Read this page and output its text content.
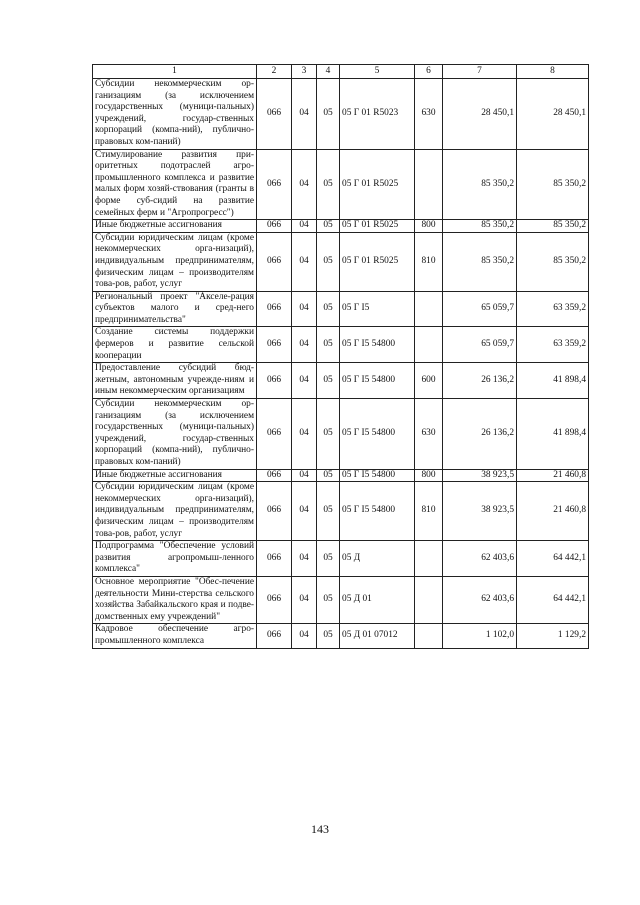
1	2	3	4	5	6	7	8
Субсидии некоммерческим ор-ганизациям (за исключением государственных (муници-пальных) учреждений, государ-ственных корпораций (компа-ний), публично-правовых ком-паний)	066	04	05	05 Г 01 R5023	630	28 450,1	28 450,1
Стимулирование развития при-оритетных подотраслей агро-промышленного комплекса и развитие малых форм хозяй-ствования (гранты в форме суб-сидий на развитие семейных ферм и "Агропрогресс")	066	04	05	05 Г 01 R5025		85 350,2	85 350,2
Иные бюджетные ассигнования	066	04	05	05 Г 01 R5025	800	85 350,2	85 350,2
Субсидии юридическим лицам (кроме некоммерческих орга-низаций), индивидуальным предпринимателям, физическим лицам – производителям това-ров, работ, услуг	066	04	05	05 Г 01 R5025	810	85 350,2	85 350,2
Региональный проект "Акселе-рация субъектов малого и сред-него предпринимательства"	066	04	05	05 Г I5		65 059,7	63 359,2
Создание системы поддержки фермеров и развитие сельской кооперации	066	04	05	05 Г I5 54800		65 059,7	63 359,2
Предоставление субсидий бюд-жетным, автономным учрежде-ниям и иным некоммерческим организациям	066	04	05	05 Г I5 54800	600	26 136,2	41 898,4
Субсидии некоммерческим ор-ганизациям (за исключением государственных (муници-пальных) учреждений, государ-ственных корпораций (компа-ний), публично-правовых ком-паний)	066	04	05	05 Г I5 54800	630	26 136,2	41 898,4
Иные бюджетные ассигнования	066	04	05	05 Г I5 54800	800	38 923,5	21 460,8
Субсидии юридическим лицам (кроме некоммерческих орга-низаций), индивидуальным предпринимателям, физическим лицам – производителям това-ров, работ, услуг	066	04	05	05 Г I5 54800	810	38 923,5	21 460,8
Подпрограмма "Обеспечение условий развития агропромыш-ленного комплекса"	066	04	05	05 Д		62 403,6	64 442,1
Основное мероприятие "Обес-печение деятельности Мини-стерства сельского хозяйства Забайкальского края и подве-домственных ему учреждений"	066	04	05	05 Д 01		62 403,6	64 442,1
Кадровое обеспечение агро-промышленного комплекса	066	04	05	05 Д 01 07012		1 102,0	1 129,2
143
